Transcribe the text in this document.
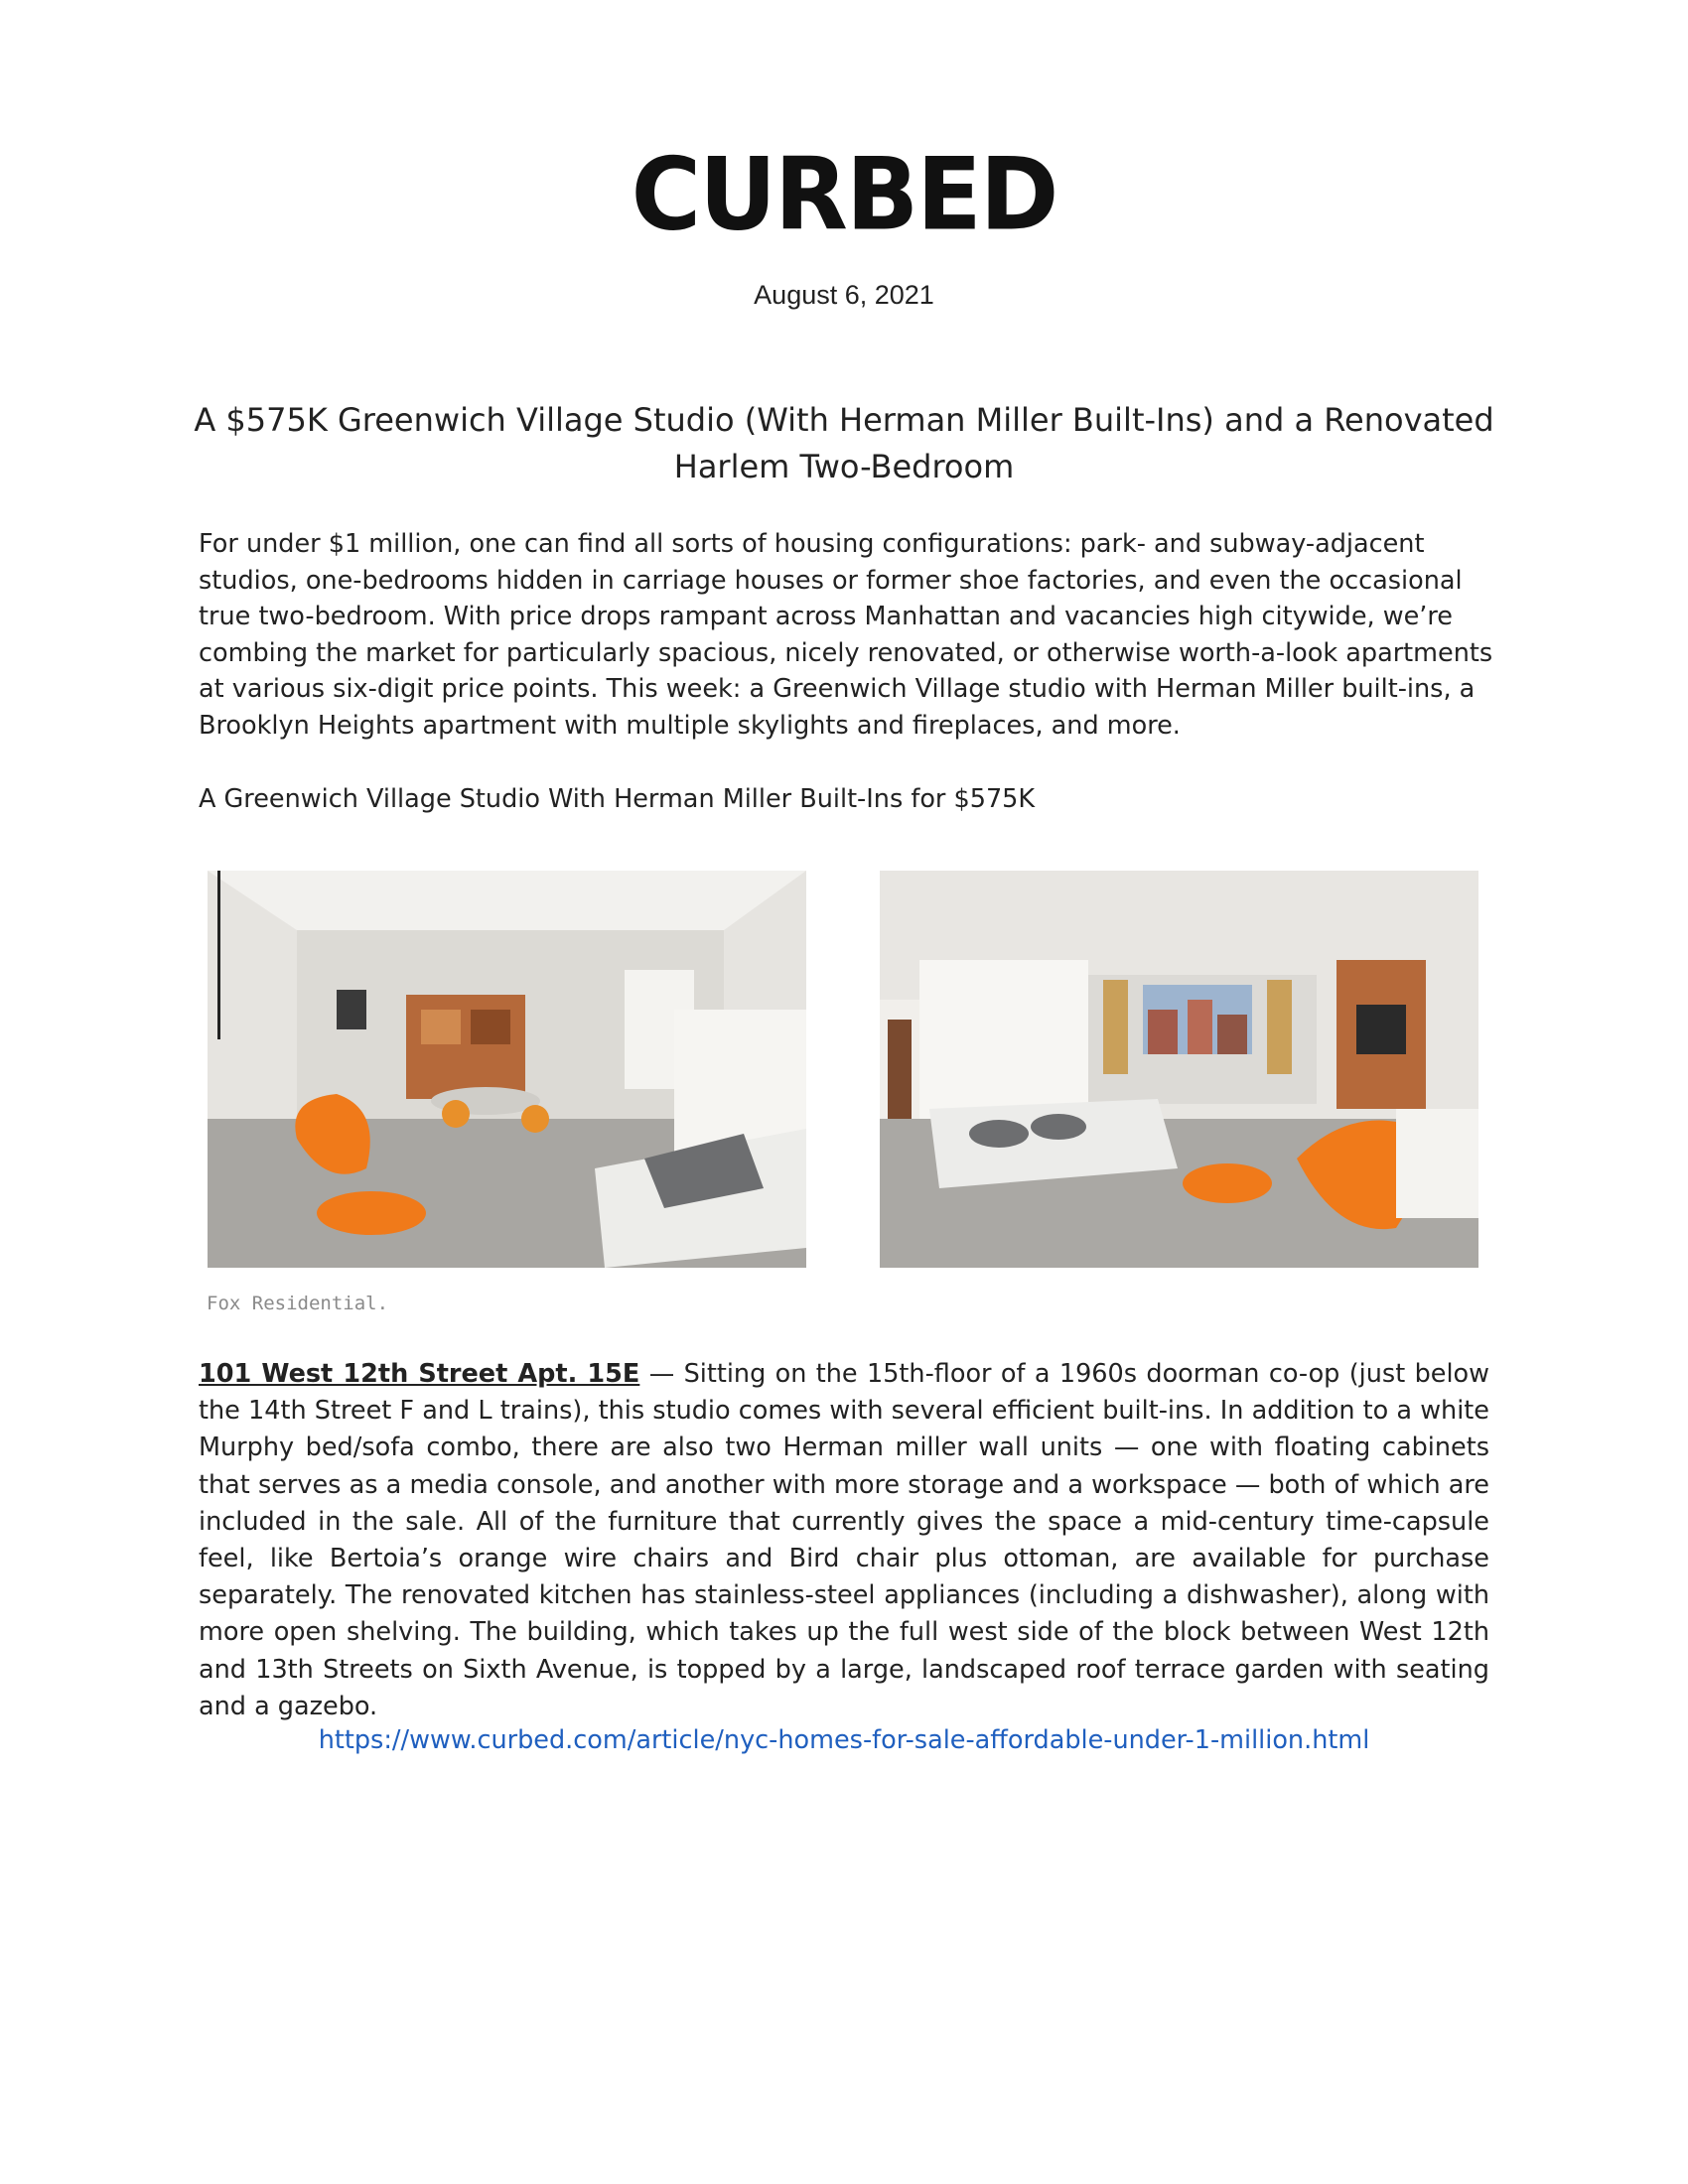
CURBED
August 6, 2021
A $575K Greenwich Village Studio (With Herman Miller Built-Ins) and a Renovated Harlem Two-Bedroom
For under $1 million, one can find all sorts of housing configurations: park- and subway-adjacent studios, one-bedrooms hidden in carriage houses or former shoe factories, and even the occasional true two-bedroom. With price drops rampant across Manhattan and vacancies high citywide, we’re combing the market for particularly spacious, nicely renovated, or otherwise worth-a-look apartments at various six-digit price points. This week: a Greenwich Village studio with Herman Miller built-ins, a Brooklyn Heights apartment with multiple skylights and fireplaces, and more.
A Greenwich Village Studio With Herman Miller Built-Ins for $575K
Fox Residential.
101 West 12th Street Apt. 15E — Sitting on the 15th-floor of a 1960s doorman co-op (just below the 14th Street F and L trains), this studio comes with several efficient built-ins. In addition to a white Murphy bed/sofa combo, there are also two Herman miller wall units — one with floating cabinets that serves as a media console, and another with more storage and a workspace — both of which are included in the sale. All of the furniture that currently gives the space a mid-century time-capsule feel, like Bertoia’s orange wire chairs and Bird chair plus ottoman, are available for purchase separately. The renovated kitchen has stainless-steel appliances (including a dishwasher), along with more open shelving. The building, which takes up the full west side of the block between West 12th and 13th Streets on Sixth Avenue, is topped by a large, landscaped roof terrace garden with seating and a gazebo.
https://www.curbed.com/article/nyc-homes-for-sale-affordable-under-1-million.html
